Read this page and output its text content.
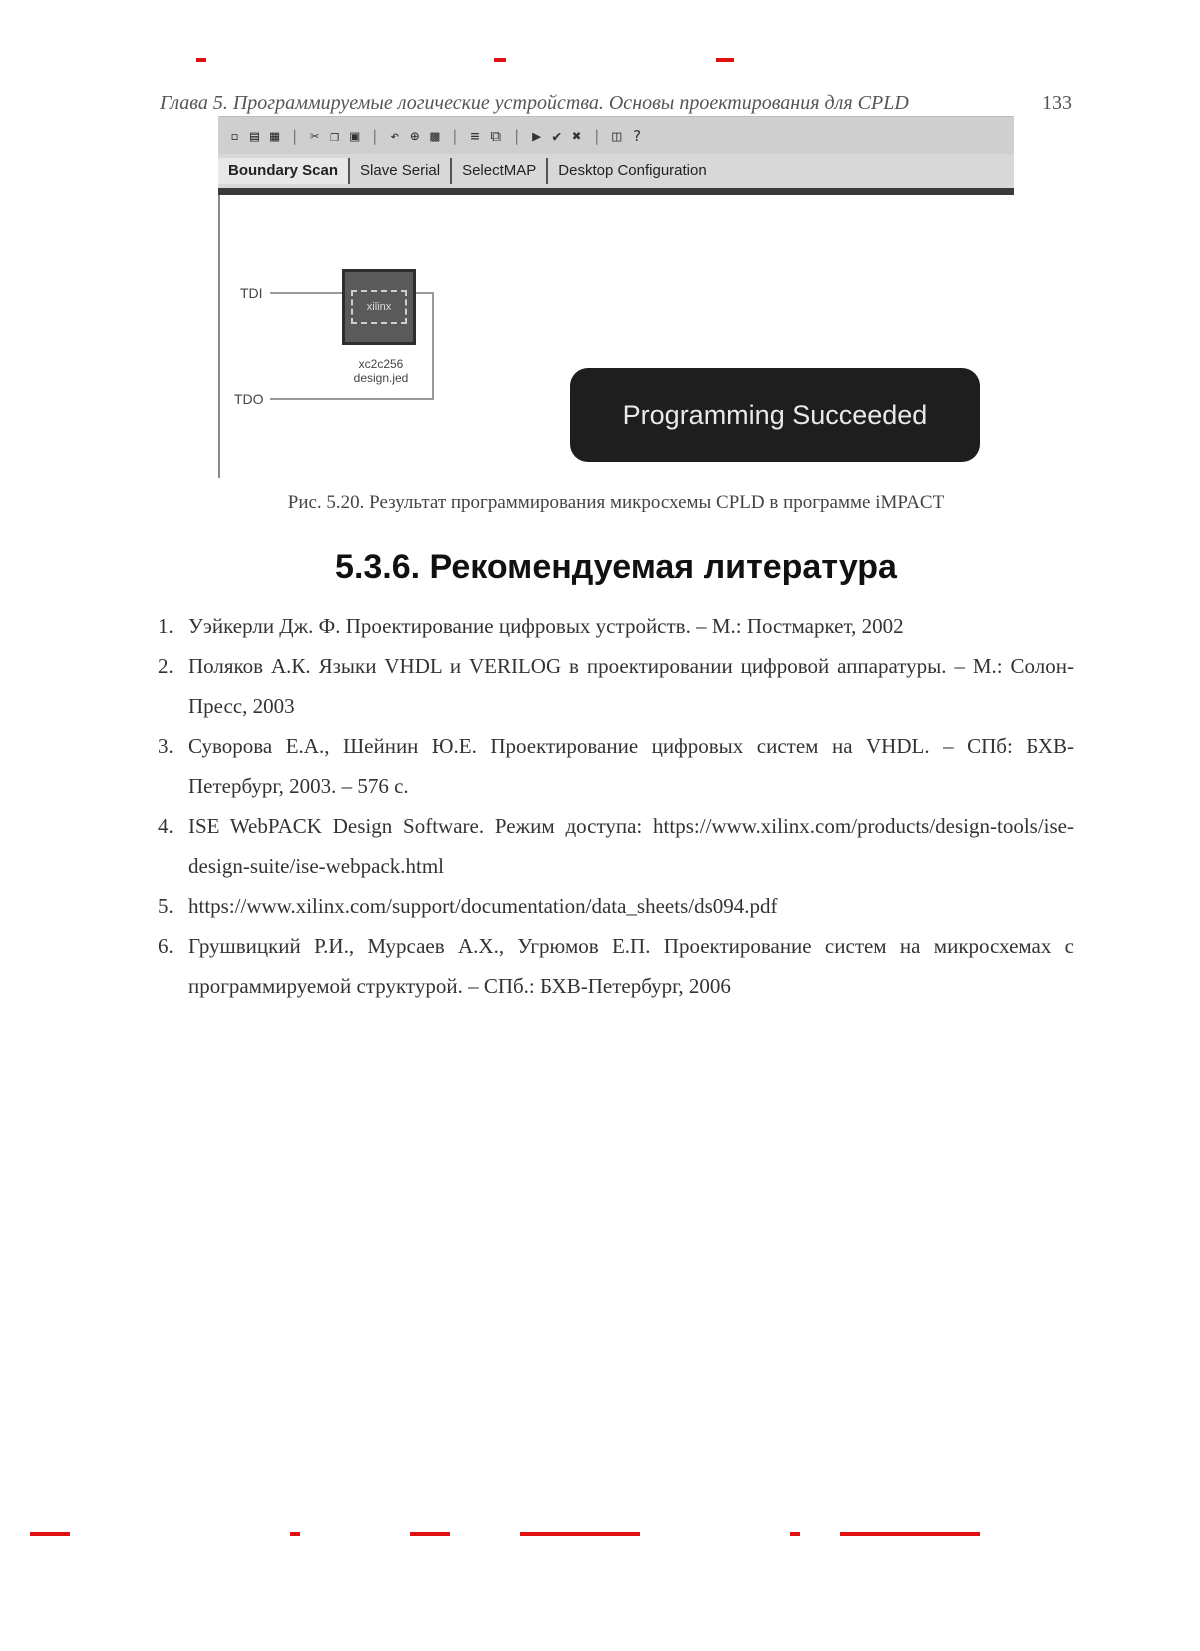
Глава 5. Программируемые логические устройства. Основы проектирования для CPLD	133
▫ ▤ ▦ | ✂ ❐ ▣ | ↶ ⊕ ▩ | ≡ ⧉ | ▶ ✔ ✖ | ◫ ?
Boundary Scan	Slave Serial	SelectMAP	Desktop Configuration
TDI
xilinx
TDO
xc2c256
design.jed
Programming Succeeded
Рис. 5.20. Результат программирования микросхемы CPLD в программе iMPACT
5.3.6. Рекомендуемая литература
1. Уэйкерли Дж. Ф. Проектирование цифровых устройств. – М.: Постмаркет, 2002
2. Поляков А.К. Языки VHDL и VERILOG в проектировании цифровой аппаратуры. – М.: Солон-Пресс, 2003
3. Суворова Е.А., Шейнин Ю.Е. Проектирование цифровых систем на VHDL. – СПб: БХВ-Петербург, 2003. – 576 с.
4. ISE WebPACK Design Software. Режим доступа: https://www.xilinx.com/products/design-tools/ise-design-suite/ise-webpack.html
5. https://www.xilinx.com/support/documentation/data_sheets/ds094.pdf
6. Грушвицкий Р.И., Мурсаев А.Х., Угрюмов Е.П. Проектирование систем на микросхемах с программируемой структурой. – СПб.: БХВ-Петербург, 2006
